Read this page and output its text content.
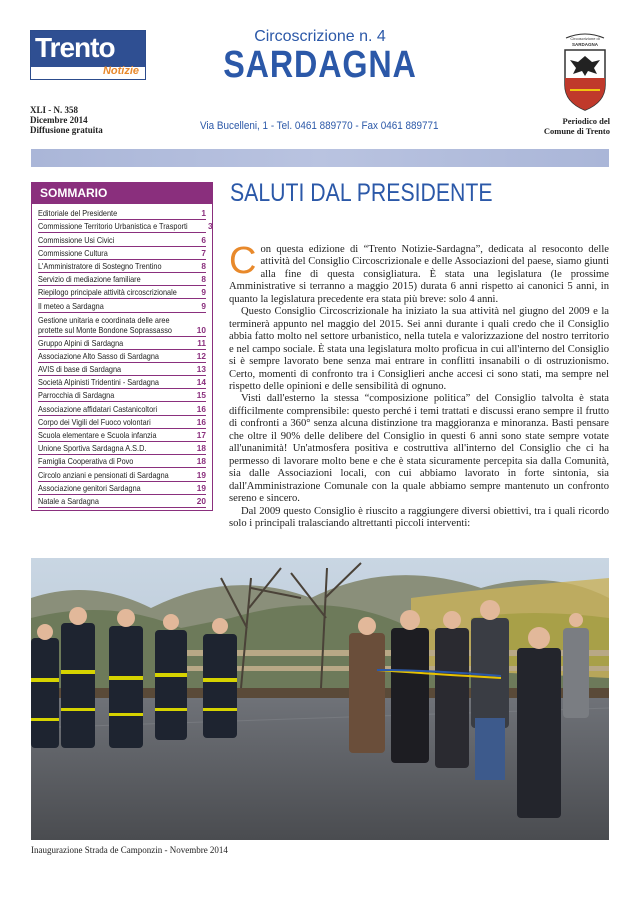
Trento
Notizie
XLI - N. 358
Dicembre 2014
Diffusione gratuita
Circoscrizione n. 4
SARDAGNA
Via Bucelleni, 1 - Tel. 0461 889770 - Fax 0461 889771
Circoscrizione di
SARDAGNA
Periodico del
Comune di Trento
SOMMARIO
Editoriale del Presidente	1
Commissione Territorio Urbanistica e Trasporti 3
Commissione Usi Civici	6
Commissione Cultura	7
L'Amministratore di Sostegno Trentino	8
Servizio di mediazione familiare	8
Riepilogo principale attività circoscrizionale	9
Il meteo a Sardagna	9
Gestione unitaria e coordinata delle aree protette sul Monte Bondone Soprassasso	10
Gruppo Alpini di Sardagna	11
Associazione Alto Sasso di Sardagna	12
AVIS di base di Sardagna	13
Società Alpinisti Tridentini - Sardagna	14
Parrocchia di Sardagna	15
Associazione affidatari Castanicoltori	16
Corpo dei Vigili del Fuoco volontari	16
Scuola elementare e Scuola infanzia	17
Unione Sportiva Sardagna A.S.D.	18
Famiglia Cooperativa di Povo	18
Circolo anziani e pensionati di Sardagna	19
Associazione genitori Sardagna	19
Natale a Sardagna	20
SALUTI DAL PRESIDENTE

Con questa edizione di “Trento Notizie-Sardagna”, dedicata al resoconto delle attività del Consiglio Circoscrizionale e delle Associazioni del paese, siamo giunti alla fine di questa consigliatura. È stata una legislatura (le prossime Amministrative si terranno a maggio 2015) durata 6 anni rispetto ai canonici 5 anni, in quanto la legislatura precedente era stata più breve: solo 4 anni.

Questo Consiglio Circoscrizionale ha iniziato la sua attività nel giugno del 2009 e la terminerà appunto nel maggio del 2015. Sei anni durante i quali credo che il Consiglio abbia fatto molto nel settore urbanistico, nella tutela e valorizzazione del nostro territorio e nel campo sociale. È stata una legislatura molto proficua in cui all'interno del Consiglio si è sempre lavorato bene senza mai entrare in conflitti insanabili o di ostruzionismo. Certo, momenti di confronto tra i Consiglieri anche accesi ci sono stati, ma sempre nel rispetto delle opinioni e delle sensibilità di ognuno.

Visti dall'esterno la stessa “composizione politica” del Consiglio talvolta è stata difficilmente comprensibile: questo perché i temi trattati e discussi erano sempre il frutto di confronti a 360° senza alcuna distinzione tra maggioranza e minoranza. Basti pensare che oltre il 90% delle delibere del Consiglio in questi 6 anni sono state sempre votate all'unanimità! Un'atmosfera positiva e costruttiva all'interno del Consiglio che ci ha permesso di lavorare molto bene e che è stata sicuramente percepita sia dalla Comunità, sia dalle Associazioni locali, con cui abbiamo lavorato in forte sintonia, sia dall'Amministrazione Comunale con la quale abbiamo sempre mantenuto un confronto sereno e sincero.

Dal 2009 questo Consiglio è riuscito a raggiungere diversi obiettivi, tra i quali ricordo solo i principali tralasciando altrettanti piccoli interventi:

Inaugurazione Strada de Camponzin - Novembre 2014
